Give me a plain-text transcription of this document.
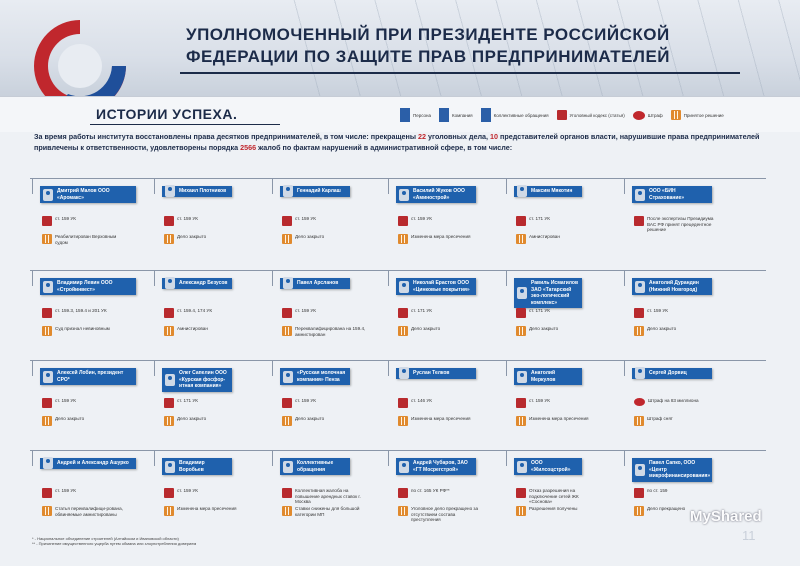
УПОЛНОМОЧЕННЫЙ ПРИ ПРЕЗИДЕНТЕ РОССИЙСКОЙ
ФЕДЕРАЦИИ ПО ЗАЩИТЕ ПРАВ ПРЕДПРИНИМАТЕЛЕЙ
ИСТОРИИ УСПЕХА.	Персона	Компания	Коллективные обращения	Уголовный кодекс (статья)	Штраф	Принятое решение
За время работы института восстановлены права десятков предпринимателей, в том числе: прекращены 22 уголовных дела, 10 представителей органов власти, нарушившие права предпринимателей привлечены к ответственности, удовлетворены порядка 2566 жалоб по фактам нарушений в административной сфере, в том числе:
Дмитрий Малов ООО «Аромакс»
ст. 159 УК
Реабилитирован Верховным судом
Михаил Плотников
ст. 159 УК
Дело закрыто
Геннадий Карлаш
ст. 159 УК
Дело закрыто
Василий Жуков ООО «Аминострой»
ст. 159 УК
Изменена мера пресечения
Максим Мякотин
ст. 171 УК
Амнистирован
ООО «БИН Страхование»
После экспертизы Президиума ВАС РФ принят прецедентное решение
Владимир Левин ООО «Стройинвест»
ст. 159.3, 159.4 и 201 УК
Суд признал невиновным
Александр Безусов
ст. 159.4, 174 УК
Амнистирован
Павел Арсланов
ст. 159 УК
Переквалифицирована на 159.4, амнистирован
Николай Ерастов ООО «Цинковые покрытия»
ст. 171 УК
Дело закрыто
Равиль Исмагилов ЗАО «Татарский эко-логический комплекс»
ст. 171 УК
Дело закрыто
Анатолий Дурандин (Нижний Новгород)
ст. 159 УК
Дело закрыто
Алексей Лобин, президент СРО*
ст. 159 УК
Дело закрыто
Олег Сапелин ООО «Курская фосфор-итная компания»
ст. 171 УК
Дело закрыто
«Русская молочная компания» Пенза
ст. 159 УК
Дело закрыто
Руслан Телков
ст. 146 УК
Изменена мера пресечения
Анатолий Меркулов
ст. 159 УК
Изменена мера пресечения
Сергей Дорвиц
Штраф на 83 миллиона
Штраф снят
Андрей и Александр Ашурко
ст. 159 УК
Статья переквалифици-рована, обвиняемые амнистированы
Владимир Воробьев
ст. 159 УК
Изменена мера пресечения
Коллективные обращения
Коллективная жалоба на повышение арендных ставок г. Москва
Ставки снижены для большой категории МП
Андрей Чубаров, ЗАО «ГТ Мосрегстрой»
по ст. 165 УК РФ**
Уголовное дело прекращено за отсутствием состава преступления
ООО «Жилсоцстрой»
Отказ разрешения на подключение сетей ЖК «Соснова»
Разрешения получены
Павел Сапко, ООО «Центр микрофинансирования»
по ст. 159
Дело прекращено
* - Национальное объединение строителей (Алтайском и Ивановской области)
** - Причинение имущественного ущерба путем обмана или злоупотребления доверием
MyShared
11
